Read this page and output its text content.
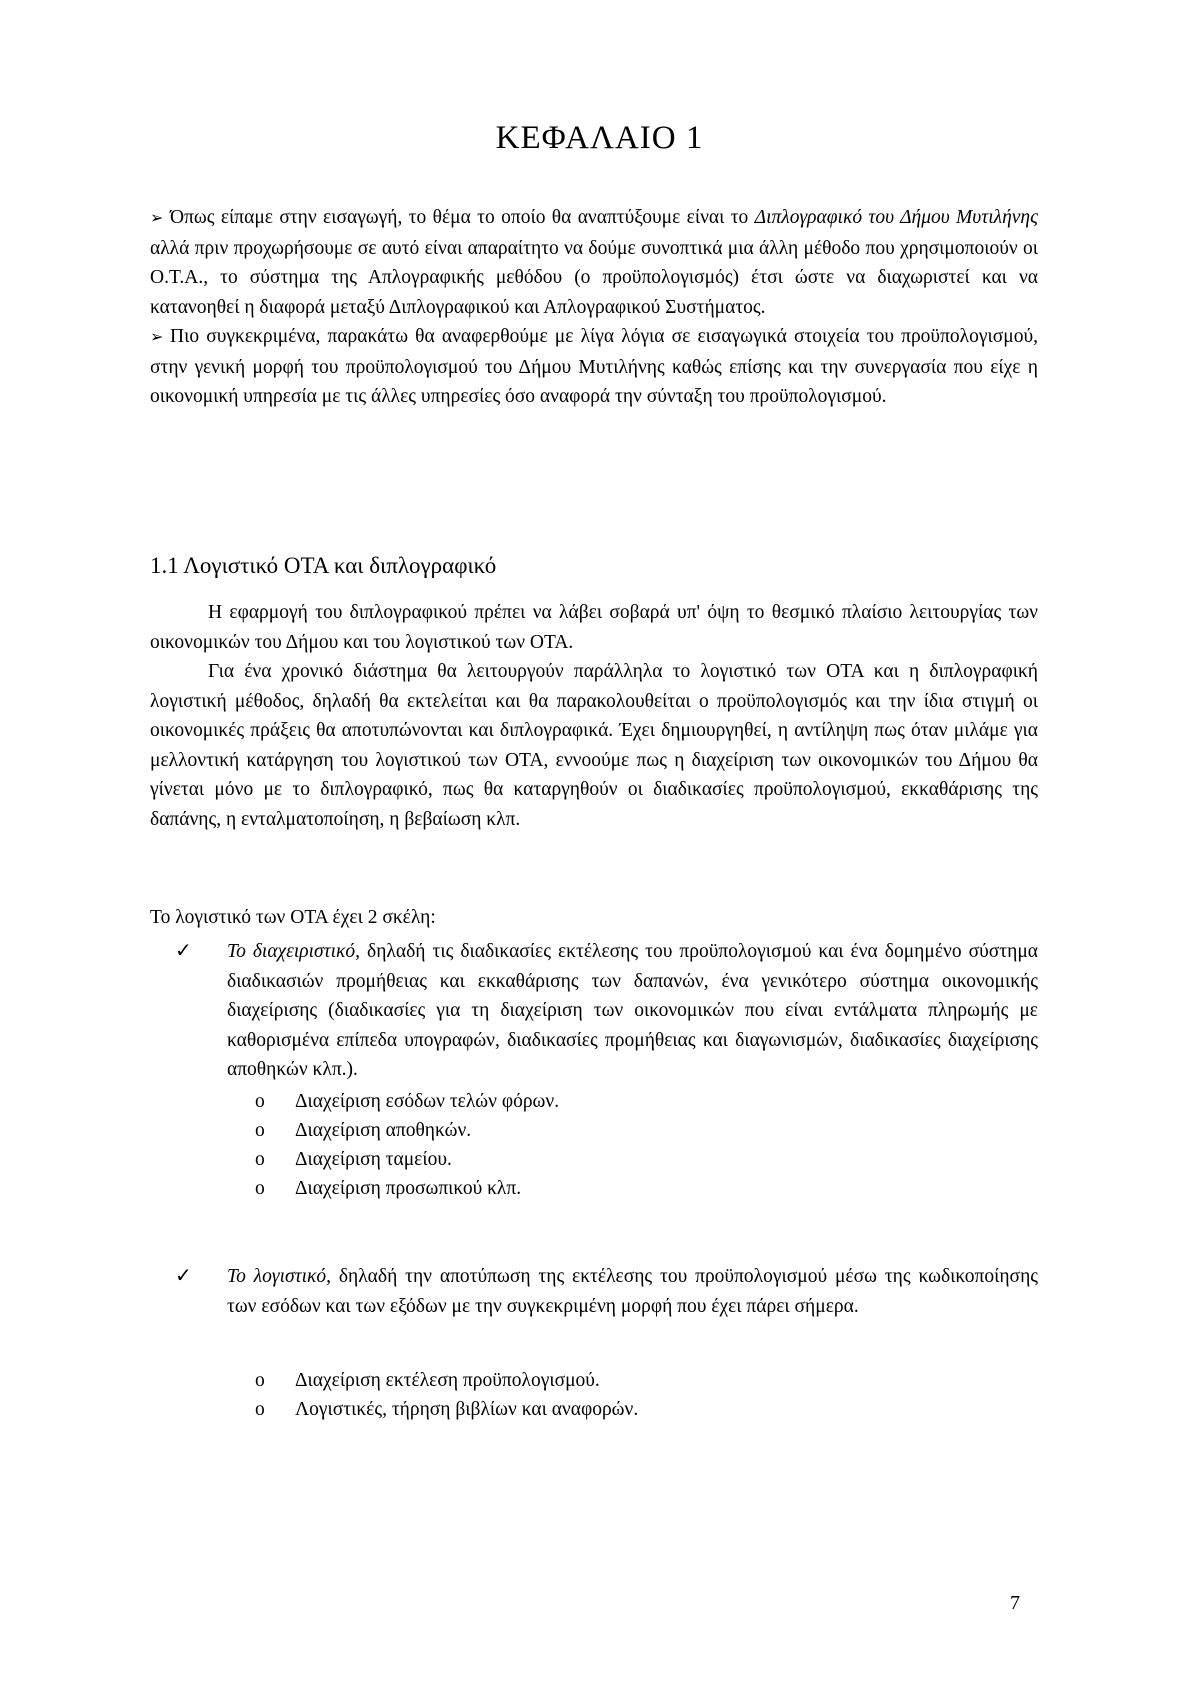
ΚΕΦΑΛΑΙΟ 1

➢ Όπως είπαμε στην εισαγωγή, το θέμα το οποίο θα αναπτύξουμε είναι το Διπλογραφικό του Δήμου Μυτιλήνης αλλά πριν προχωρήσουμε σε αυτό είναι απαραίτητο να δούμε συνοπτικά μια άλλη μέθοδο που χρησιμοποιούν οι Ο.Τ.Α., το σύστημα της Απλογραφικής μεθόδου (ο προϋπολογισμός) έτσι ώστε να διαχωριστεί και να κατανοηθεί η διαφορά μεταξύ Διπλογραφικού και Απλογραφικού Συστήματος.

➢ Πιο συγκεκριμένα, παρακάτω θα αναφερθούμε με λίγα λόγια σε εισαγωγικά στοιχεία του προϋπολογισμού, στην γενική μορφή του προϋπολογισμού του Δήμου Μυτιλήνης καθώς επίσης και την συνεργασία που είχε η οικονομική υπηρεσία με τις άλλες υπηρεσίες όσο αναφορά την σύνταξη του προϋπολογισμού.

1.1 Λογιστικό ΟΤΑ και διπλογραφικό

Η εφαρμογή του διπλογραφικού πρέπει να λάβει σοβαρά υπ' όψη το θεσμικό πλαίσιο λειτουργίας των οικονομικών του Δήμου και του λογιστικού των ΟΤΑ.

Για ένα χρονικό διάστημα θα λειτουργούν παράλληλα το λογιστικό των ΟΤΑ και η διπλογραφική λογιστική μέθοδος, δηλαδή θα εκτελείται και θα παρακολουθείται ο προϋπολογισμός και την ίδια στιγμή οι οικονομικές πράξεις θα αποτυπώνονται και διπλογραφικά. Έχει δημιουργηθεί, η αντίληψη πως όταν μιλάμε για μελλοντική κατάργηση του λογιστικού των ΟΤΑ, εννοούμε πως η διαχείριση των οικονομικών του Δήμου θα γίνεται μόνο με το διπλογραφικό, πως θα καταργηθούν οι διαδικασίες προϋπολογισμού, εκκαθάρισης της δαπάνης, η ενταλματοποίηση, η βεβαίωση κλπ.

Το λογιστικό των ΟΤΑ έχει 2 σκέλη:
✓ Το διαχειριστικό, δηλαδή τις διαδικασίες εκτέλεσης του προϋπολογισμού και ένα δομημένο σύστημα διαδικασιών προμήθειας και εκκαθάρισης των δαπανών, ένα γενικότερο σύστημα οικονομικής διαχείρισης (διαδικασίες για τη διαχείριση των οικονομικών που είναι εντάλματα πληρωμής με καθορισμένα επίπεδα υπογραφών, διαδικασίες προμήθειας και διαγωνισμών, διαδικασίες διαχείρισης αποθηκών κλπ.).
o Διαχείριση εσόδων τελών φόρων.
o Διαχείριση αποθηκών.
o Διαχείριση ταμείου.
o Διαχείριση προσωπικού κλπ.
✓ Το λογιστικό, δηλαδή την αποτύπωση της εκτέλεσης του προϋπολογισμού μέσω της κωδικοποίησης των εσόδων και των εξόδων με την συγκεκριμένη μορφή που έχει πάρει σήμερα.
o Διαχείριση εκτέλεση προϋπολογισμού.
o Λογιστικές, τήρηση βιβλίων και αναφορών.
7
